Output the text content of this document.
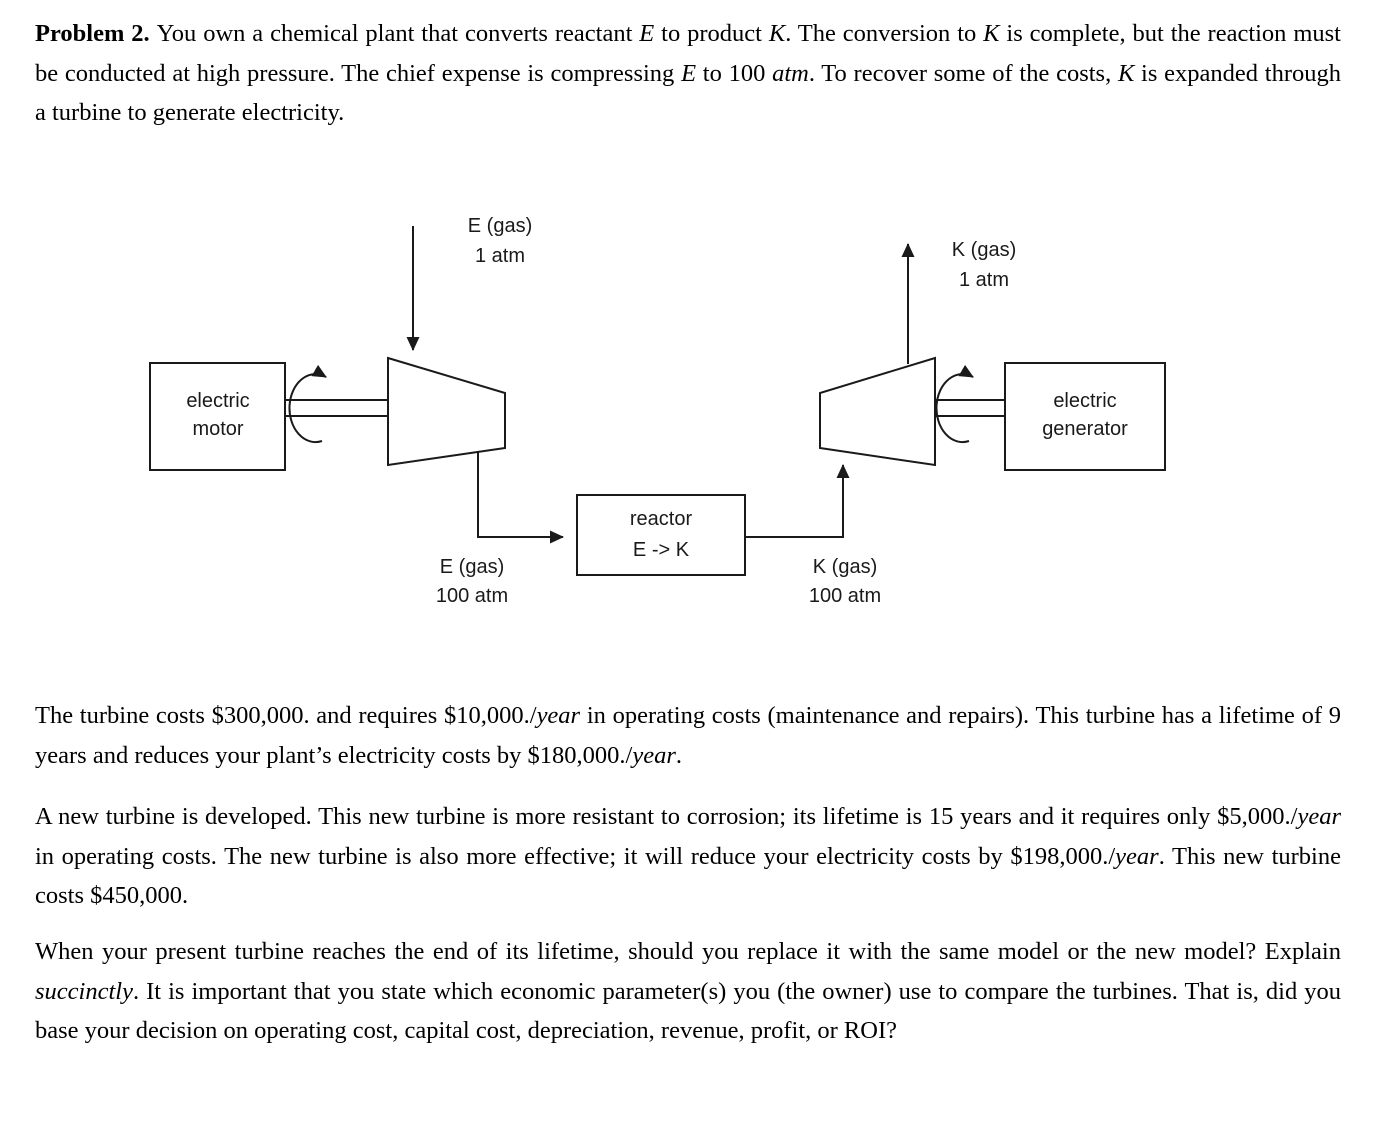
Problem 2. You own a chemical plant that converts reactant E to product K. The conversion to K is complete, but the reaction must be conducted at high pressure. The chief expense is compressing E to 100 atm. To recover some of the costs, K is expanded through a turbine to generate electricity.

E (gas)
1 atm
electric
motor
E (gas)
100 atm
reactor
E -> K
K (gas)
100 atm
K (gas)
1 atm
electric
generator

The turbine costs $300,000. and requires $10,000./year in operating costs (maintenance and repairs). This turbine has a lifetime of 9 years and reduces your plant’s electricity costs by $180,000./year.

A new turbine is developed. This new turbine is more resistant to corrosion; its lifetime is 15 years and it requires only $5,000./year in operating costs. The new turbine is also more effective; it will reduce your electricity costs by $198,000./year. This new turbine costs $450,000.

When your present turbine reaches the end of its lifetime, should you replace it with the same model or the new model? Explain succinctly. It is important that you state which economic parameter(s) you (the owner) use to compare the turbines. That is, did you base your decision on operating cost, capital cost, depreciation, revenue, profit, or ROI?
